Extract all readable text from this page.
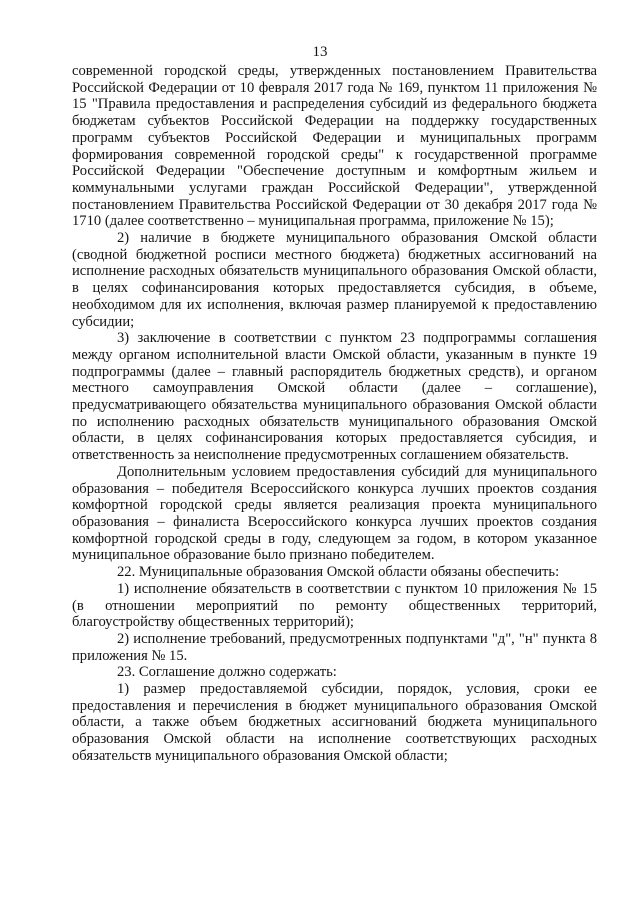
13

современной городской среды, утвержденных постановлением Правительства Российской Федерации от 10 февраля 2017 года № 169, пунктом 11 приложения № 15 "Правила предоставления и распределения субсидий из федерального бюджета бюджетам субъектов Российской Федерации на поддержку государственных программ субъектов Российской Федерации и муниципальных программ формирования современной городской среды" к государственной программе Российской Федерации "Обеспечение доступным и комфортным жильем и коммунальными услугами граждан Российской Федерации", утвержденной постановлением Правительства Российской Федерации от 30 декабря 2017 года № 1710 (далее соответственно – муниципальная программа, приложение № 15);

2) наличие в бюджете муниципального образования Омской области (сводной бюджетной росписи местного бюджета) бюджетных ассигнований на исполнение расходных обязательств муниципального образования Омской области, в целях софинансирования которых предоставляется субсидия, в объеме, необходимом для их исполнения, включая размер планируемой к предоставлению субсидии;

3) заключение в соответствии с пунктом 23 подпрограммы соглашения между органом исполнительной власти Омской области, указанным в пункте 19 подпрограммы (далее – главный распорядитель бюджетных средств), и органом местного самоуправления Омской области (далее – соглашение), предусматривающего обязательства муниципального образования Омской области по исполнению расходных обязательств муниципального образования Омской области, в целях софинансирования которых предоставляется субсидия, и ответственность за неисполнение предусмотренных соглашением обязательств.

Дополнительным условием предоставления субсидий для муниципального образования – победителя Всероссийского конкурса лучших проектов создания комфортной городской среды является реализация проекта муниципального образования – финалиста Всероссийского конкурса лучших проектов создания комфортной городской среды в году, следующем за годом, в котором указанное муниципальное образование было признано победителем.

22. Муниципальные образования Омской области обязаны обеспечить:

1) исполнение обязательств в соответствии с пунктом 10 приложения № 15 (в отношении мероприятий по ремонту общественных территорий, благоустройству общественных территорий);

2) исполнение требований, предусмотренных подпунктами "д", "н" пункта 8 приложения № 15.

23. Соглашение должно содержать:

1) размер предоставляемой субсидии, порядок, условия, сроки ее предоставления и перечисления в бюджет муниципального образования Омской области, а также объем бюджетных ассигнований бюджета муниципального образования Омской области на исполнение соответствующих расходных обязательств муниципального образования Омской области;
